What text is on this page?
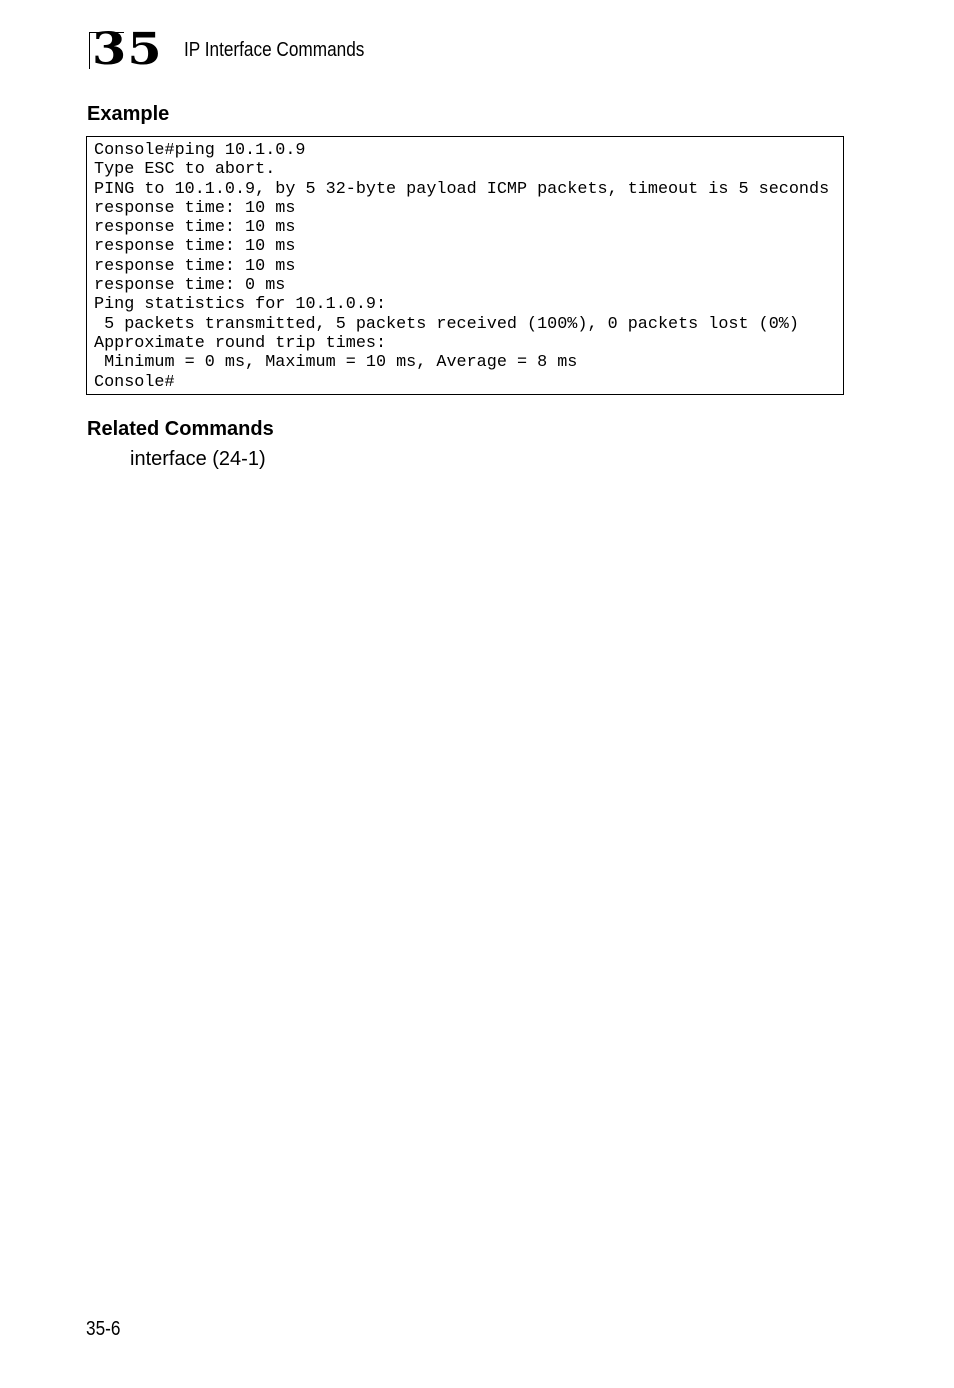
35 IP Interface Commands
Example
Console#ping 10.1.0.9
Type ESC to abort.
PING to 10.1.0.9, by 5 32-byte payload ICMP packets, timeout is 5 seconds
response time: 10 ms
response time: 10 ms
response time: 10 ms
response time: 10 ms
response time: 0 ms
Ping statistics for 10.1.0.9:
5 packets transmitted, 5 packets received (100%), 0 packets lost (0%)
Approximate round trip times:
Minimum = 0 ms, Maximum = 10 ms, Average = 8 ms
Console#
Related Commands
interface (24-1)
35-6
